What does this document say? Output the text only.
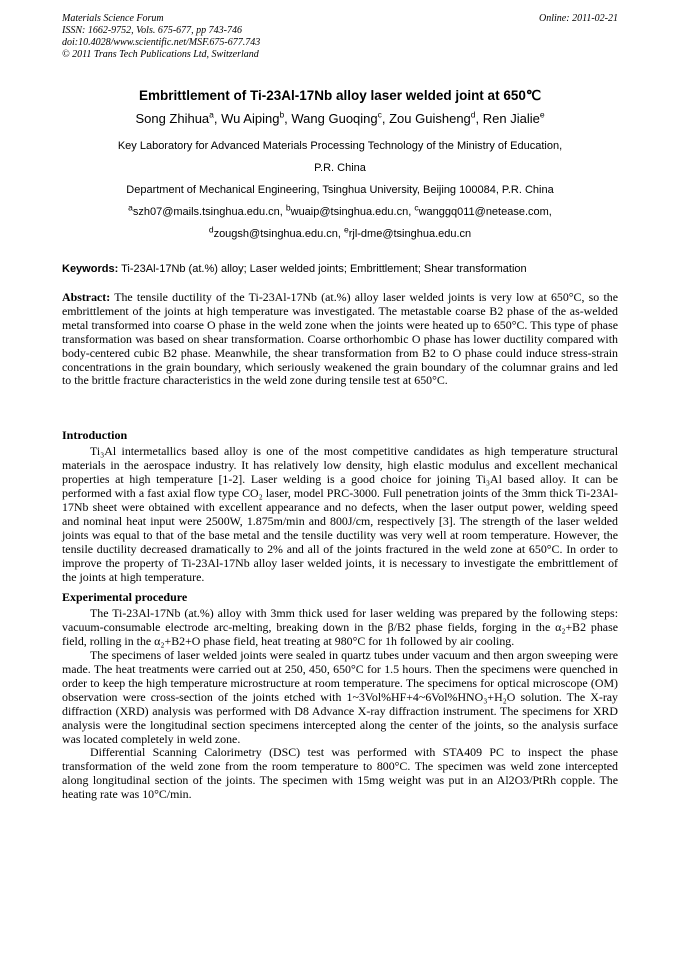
Materials Science Forum
ISSN: 1662-9752, Vols. 675-677, pp 743-746
doi:10.4028/www.scientific.net/MSF.675-677.743
© 2011 Trans Tech Publications Ltd, Switzerland
Online: 2011-02-21
Embrittlement of Ti-23Al-17Nb alloy laser welded joint at 650℃
Song Zhihua$^a$, Wu Aiping$^b$, Wang Guoqing$^c$, Zou Guisheng$^d$, Ren Jialie$^e$
Key Laboratory for Advanced Materials Processing Technology of the Ministry of Education,
P.R. China
Department of Mechanical Engineering, Tsinghua University, Beijing 100084, P.R. China
$^a$szh07@mails.tsinghua.edu.cn, $^b$wuaip@tsinghua.edu.cn, $^c$wanggq011@netease.com,
$^d$zougsh@tsinghua.edu.cn, $^e$rjl-dme@tsinghua.edu.cn

Keywords: Ti-23Al-17Nb (at.%) alloy; Laser welded joints; Embrittlement; Shear transformation

Abstract: The tensile ductility of the Ti-23Al-17Nb (at.%) alloy laser welded joints is very low at 650°C, so the embrittlement of the joints at high temperature was investigated. The metastable coarse B2 phase of the as-welded metal transformed into coarse O phase in the weld zone when the joints were heated up to 650°C. This type of phase transformation was based on shear transformation. Coarse orthorhombic O phase has lower ductility compared with body-centered cubic B2 phase. Meanwhile, the shear transformation from B2 to O phase could induce stress-strain concentrations in the grain boundary, which seriously weakened the grain boundary of the columnar grains and led to the brittle fracture characteristics in the weld zone during tensile test at 650°C.

Introduction

Ti₃Al intermetallics based alloy is one of the most competitive candidates as high temperature structural materials in the aerospace industry. It has relatively low density, high elastic modulus and excellent mechanical properties at high temperature [1-2]. Laser welding is a good choice for joining Ti₃Al based alloy. It can be performed with a fast axial flow type CO₂ laser, model PRC-3000. Full penetration joints of the 3mm thick Ti-23Al-17Nb sheet were obtained with excellent appearance and no defects, when the laser output power, welding speed and nominal heat input were 2500W, 1.875m/min and 800J/cm, respectively [3]. The strength of the laser welded joints was equal to that of the base metal and the tensile ductility was very well at room temperature. However, the tensile ductility decreased dramatically to 2% and all of the joints fractured in the weld zone at 650°C. In order to improve the property of Ti-23Al-17Nb alloy laser welded joints, it is necessary to investigate the embrittlement of the joints at high temperature.

Experimental procedure

The Ti-23Al-17Nb (at.%) alloy with 3mm thick used for laser welding was prepared by the following steps: vacuum-consumable electrode arc-melting, breaking down in the β/B2 phase fields, forging in the α₂+B2 phase field, rolling in the α₂+B2+O phase field, heat treating at 980°C for 1h followed by air cooling.

The specimens of laser welded joints were sealed in quartz tubes under vacuum and then argon sweeping were made. The heat treatments were carried out at 250, 450, 650°C for 1.5 hours. Then the specimens were quenched in order to keep the high temperature microstructure at room temperature. The specimens for optical microscope (OM) observation were cross-section of the joints etched with 1~3Vol%HF+4~6Vol%HNO₃+H₂O solution. The X-ray diffraction (XRD) analysis was performed with D8 Advance X-ray diffraction instrument. The specimens for XRD analysis were the longitudinal section specimens intercepted along the center of the joints, so the analysis surface was located completely in weld zone.

Differential Scanning Calorimetry (DSC) test was performed with STA409 PC to inspect the phase transformation of the weld zone from the room temperature to 800°C. The specimen was weld zone intercepted along longitudinal section of the joints. The specimen with 15mg weight was put in an Al2O3/PtRh copple. The heating rate was 10°C/min.
